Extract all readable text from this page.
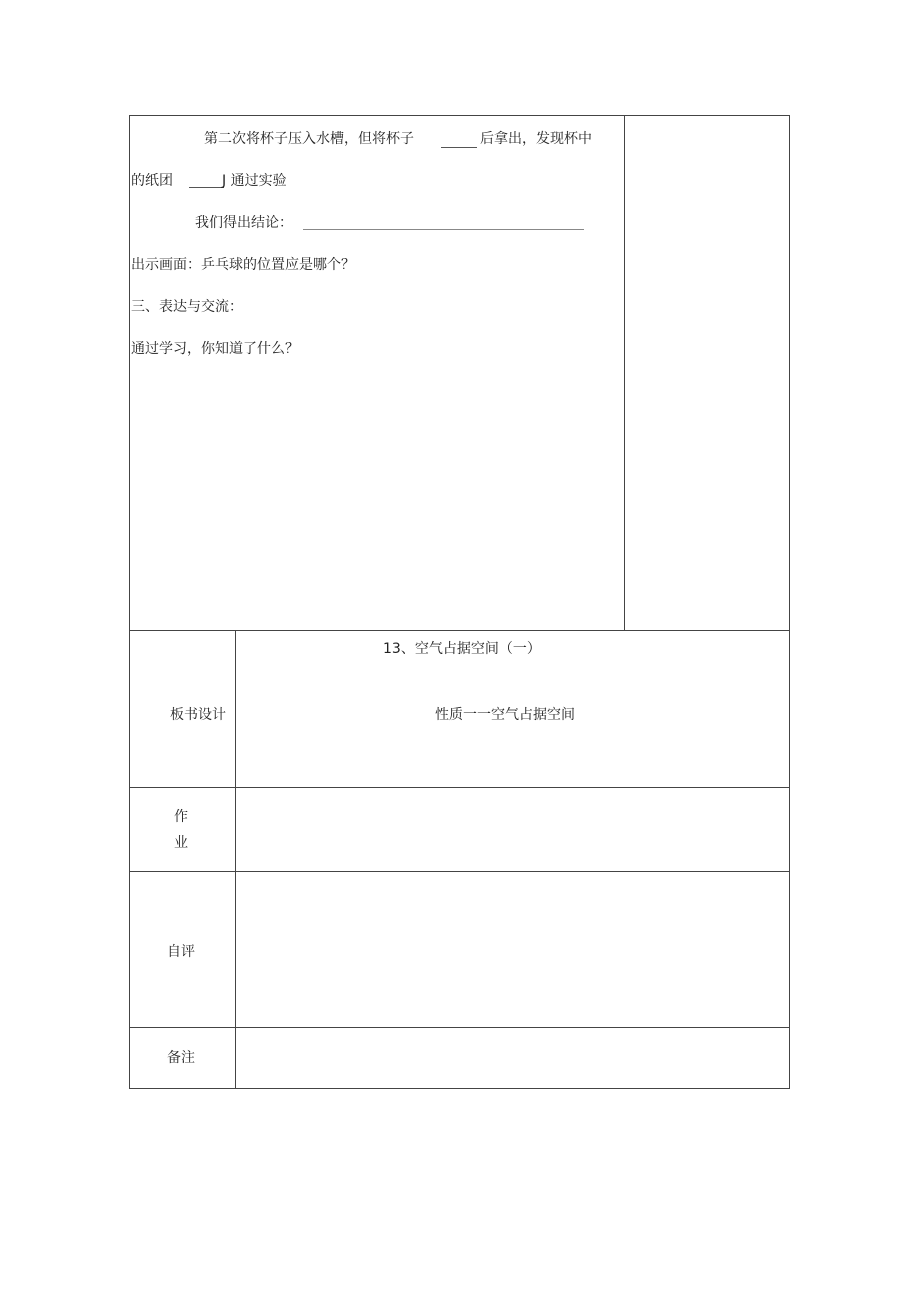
第二次将杯子压入水槽，但将杯子	后拿出，发现杯中
的纸团	J 通过实验
我们得出结论：
出示画面：乒乓球的位置应是哪个？
三、表达与交流：
通过学习，你知道了什么？
板书设计
13、空气占据空间（一）
性质一一空气占据空间
作
业
自评
备注
